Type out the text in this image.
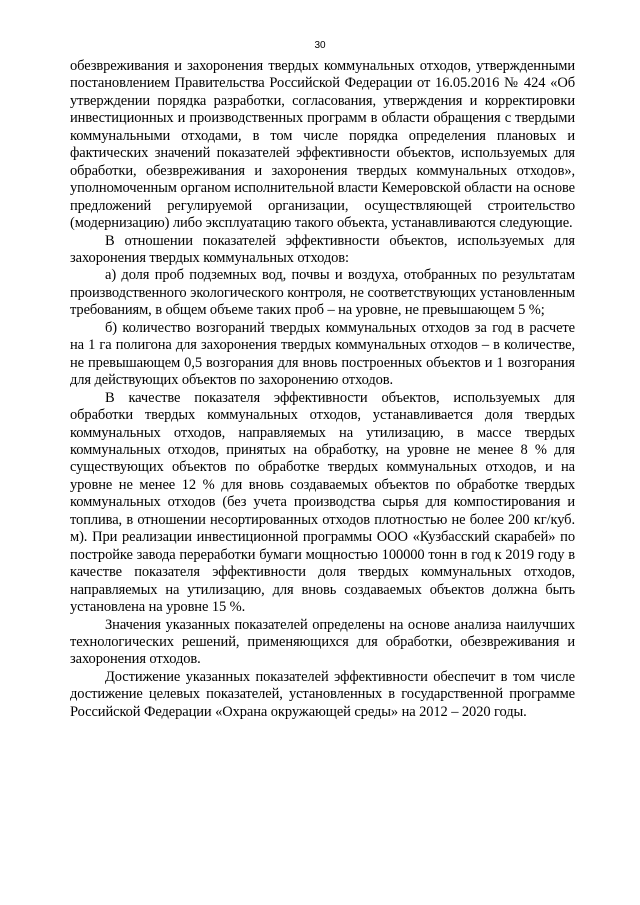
30

обезвреживания и захоронения твердых коммунальных отходов, утвержденными постановлением Правительства Российской Федерации от 16.05.2016 № 424 «Об утверждении порядка разработки, согласования, утверждения и корректировки инвестиционных и производственных программ в области обращения с твердыми коммунальными отходами, в том числе порядка определения плановых и фактических значений показателей эффективности объектов, используемых для обработки, обезвреживания и захоронения твердых коммунальных отходов», уполномоченным органом исполнительной власти Кемеровской области на основе предложений регулируемой организации, осуществляющей строительство (модернизацию) либо эксплуатацию такого объекта, устанавливаются следующие.

В отношении показателей эффективности объектов, используемых для захоронения твердых коммунальных отходов:

а) доля проб подземных вод, почвы и воздуха, отобранных по результатам производственного экологического контроля, не соответствующих установленным требованиям, в общем объеме таких проб – на уровне, не превышающем 5 %;

б) количество возгораний твердых коммунальных отходов за год в расчете на 1 га полигона для захоронения твердых коммунальных отходов – в количестве, не превышающем 0,5 возгорания для вновь построенных объектов и 1 возгорания для действующих объектов по захоронению отходов.

В качестве показателя эффективности объектов, используемых для обработки твердых коммунальных отходов, устанавливается доля твердых коммунальных отходов, направляемых на утилизацию, в массе твердых коммунальных отходов, принятых на обработку, на уровне не менее 8 % для существующих объектов по обработке твердых коммунальных отходов, и на уровне не менее 12 % для вновь создаваемых объектов по обработке твердых коммунальных отходов (без учета производства сырья для компостирования и топлива, в отношении несортированных отходов плотностью не более 200 кг/куб. м). При реализации инвестиционной программы ООО «Кузбасский скарабей» по постройке завода переработки бумаги мощностью 100000 тонн в год к 2019 году в качестве показателя эффективности доля твердых коммунальных отходов, направляемых на утилизацию, для вновь создаваемых объектов должна быть установлена на уровне 15 %.

Значения указанных показателей определены на основе анализа наилучших технологических решений, применяющихся для обработки, обезвреживания и захоронения отходов.

Достижение указанных показателей эффективности обеспечит в том числе достижение целевых показателей, установленных в государственной программе Российской Федерации «Охрана окружающей среды» на 2012 – 2020 годы.
